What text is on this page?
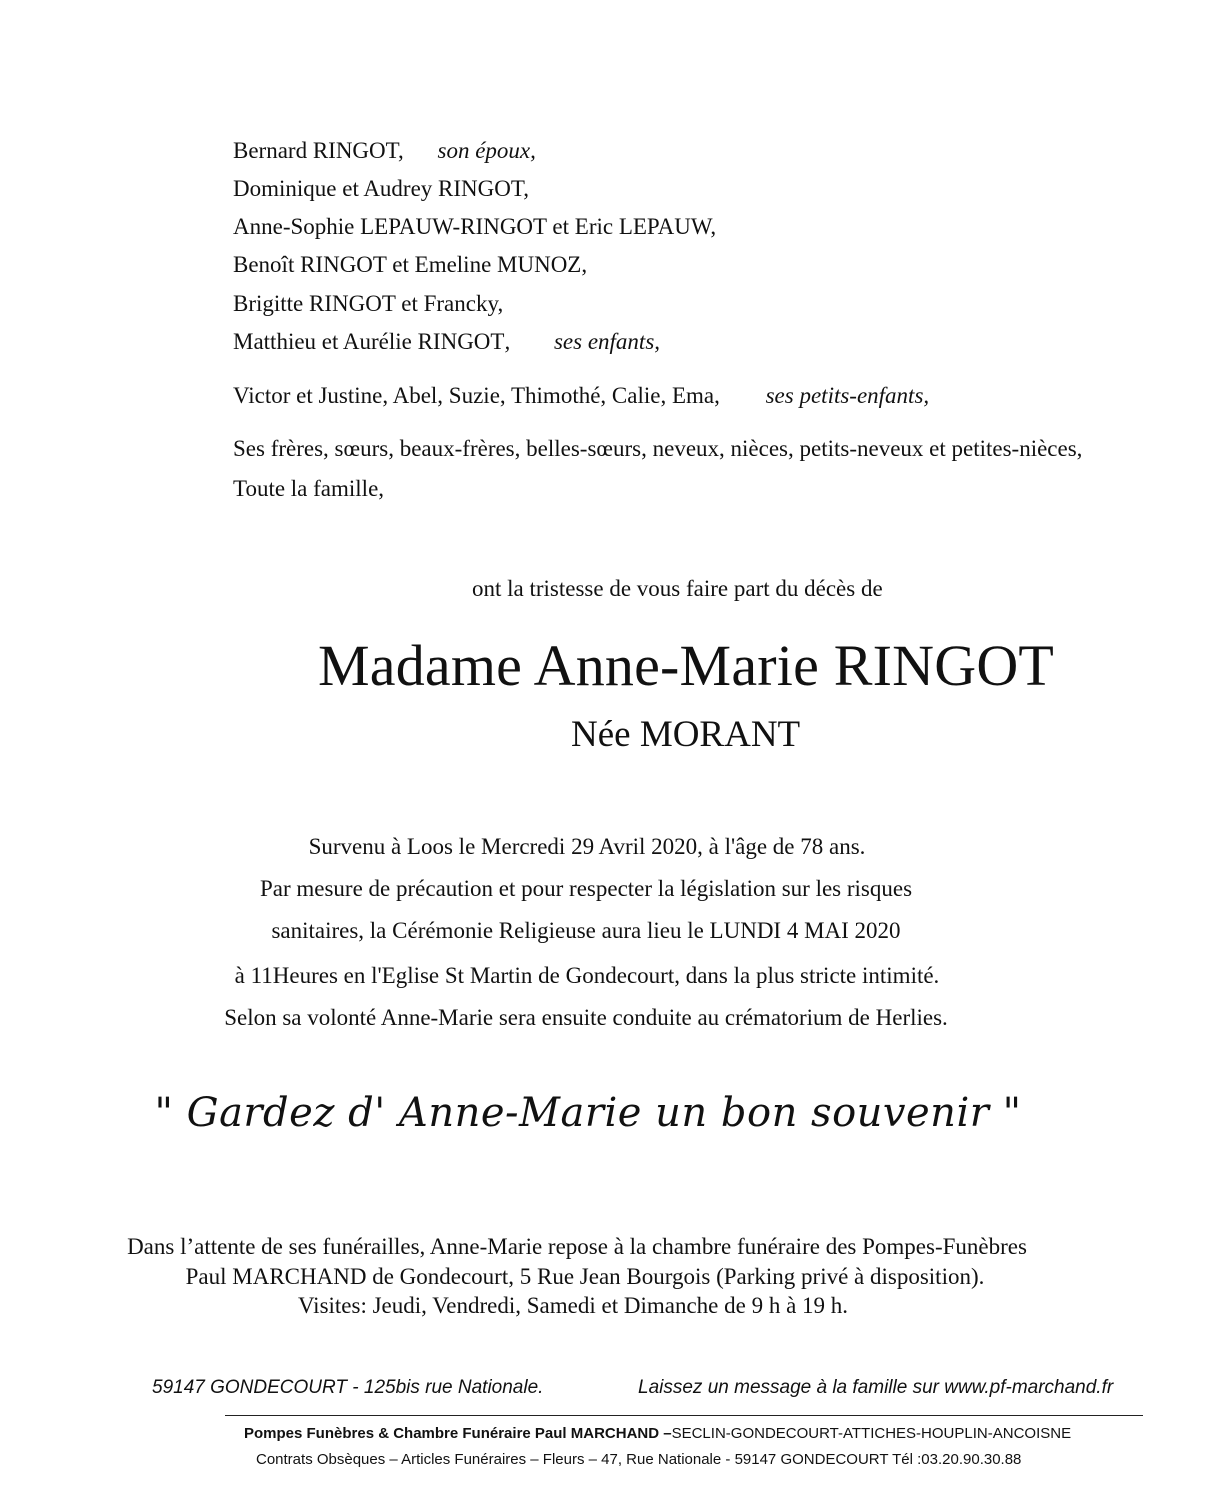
Bernard RINGOT, son époux,
Dominique et Audrey RINGOT,
Anne-Sophie LEPAUW-RINGOT et Eric LEPAUW,
Benoît RINGOT et Emeline MUNOZ,
Brigitte RINGOT et Francky,
Matthieu et Aurélie RINGOT, ses enfants,
Victor et Justine, Abel, Suzie, Thimothé, Calie, Ema, ses petits-enfants,
Ses frères, sœurs, beaux-frères, belles-sœurs, neveux, nièces, petits-neveux et petites-nièces,
Toute la famille,
ont la tristesse de vous faire part du décès de
Madame Anne-Marie RINGOT
Née MORANT
Survenu à Loos le Mercredi 29 Avril 2020, à l'âge de 78 ans.
Par mesure de précaution et pour respecter la législation sur les risques
sanitaires, la Cérémonie Religieuse aura lieu le LUNDI 4 MAI 2020
à 11Heures en l'Eglise St Martin de Gondecourt, dans la plus stricte intimité.
Selon sa volonté Anne-Marie sera ensuite conduite au crématorium de Herlies.
" Gardez d' Anne-Marie un bon souvenir "
Dans l’attente de ses funérailles, Anne-Marie repose à la chambre funéraire des Pompes-Funèbres
Paul MARCHAND de Gondecourt, 5 Rue Jean Bourgois (Parking privé à disposition).
Visites: Jeudi, Vendredi, Samedi et Dimanche de 9 h à 19 h.
59147 GONDECOURT - 125bis rue Nationale.	Laissez un message à la famille sur www.pf-marchand.fr
Pompes Funèbres & Chambre Funéraire Paul MARCHAND –SECLIN-GONDECOURT-ATTICHES-HOUPLIN-ANCOISNE
Contrats Obsèques – Articles Funéraires – Fleurs – 47, Rue Nationale - 59147 GONDECOURT Tél :03.20.90.30.88
